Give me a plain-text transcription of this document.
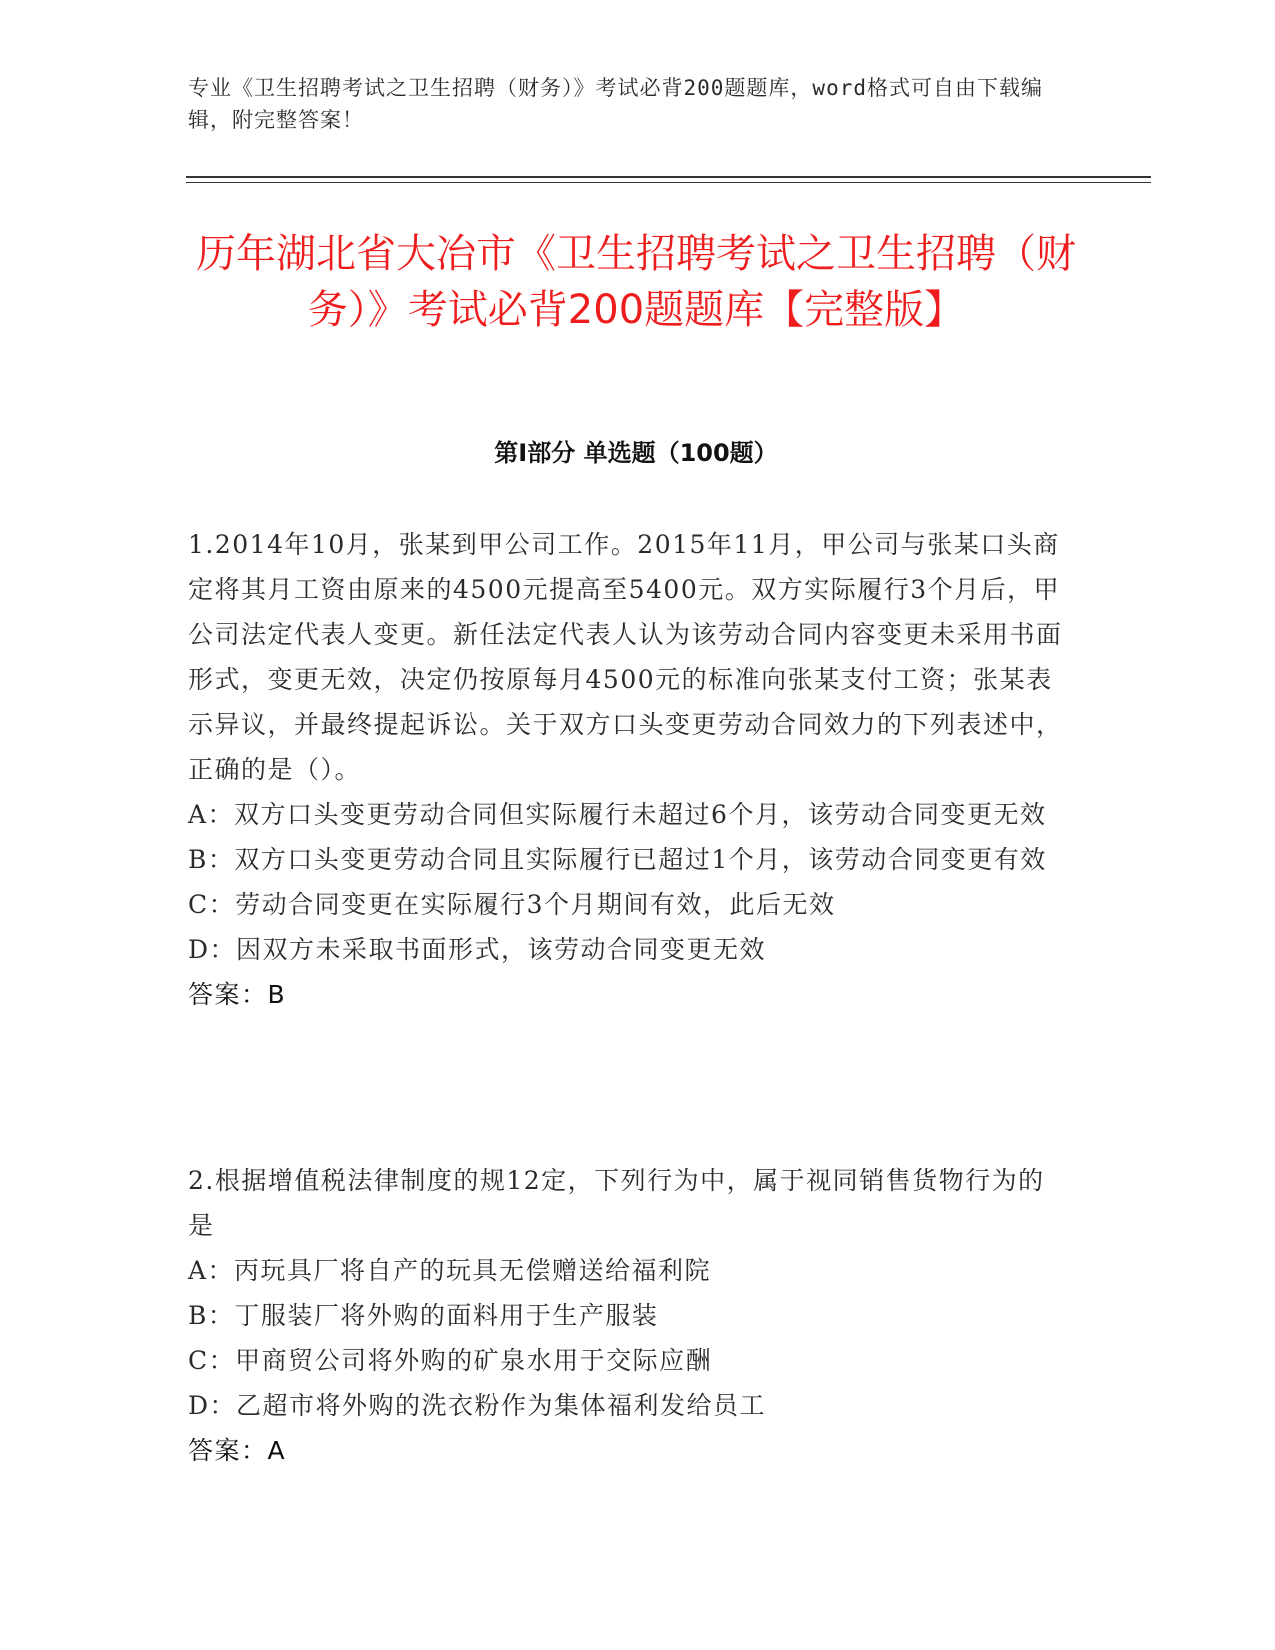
专业《卫生招聘考试之卫生招聘（财务）》考试必背200题题库，word格式可自由下载编辑，附完整答案！
历年湖北省大冶市《卫生招聘考试之卫生招聘（财务）》考试必背200题题库【完整版】
第I部分 单选题（100题）

1.2014年10月，张某到甲公司工作。2015年11月，甲公司与张某口头商定将其月工资由原来的4500元提高至5400元。双方实际履行3个月后，甲公司法定代表人变更。新任法定代表人认为该劳动合同内容变更未采用书面形式，变更无效，决定仍按原每月4500元的标准向张某支付工资；张某表示异议，并最终提起诉讼。关于双方口头变更劳动合同效力的下列表述中，正确的是（）。

A：双方口头变更劳动合同但实际履行未超过6个月，该劳动合同变更无效

B：双方口头变更劳动合同且实际履行已超过1个月，该劳动合同变更有效

C：劳动合同变更在实际履行3个月期间有效，此后无效

D：因双方未采取书面形式，该劳动合同变更无效

答案：B

2.根据增值税法律制度的规12定，下列行为中，属于视同销售货物行为的是

A：丙玩具厂将自产的玩具无偿赠送给福利院

B：丁服装厂将外购的面料用于生产服装

C：甲商贸公司将外购的矿泉水用于交际应酬

D：乙超市将外购的洗衣粉作为集体福利发给员工

答案：A
